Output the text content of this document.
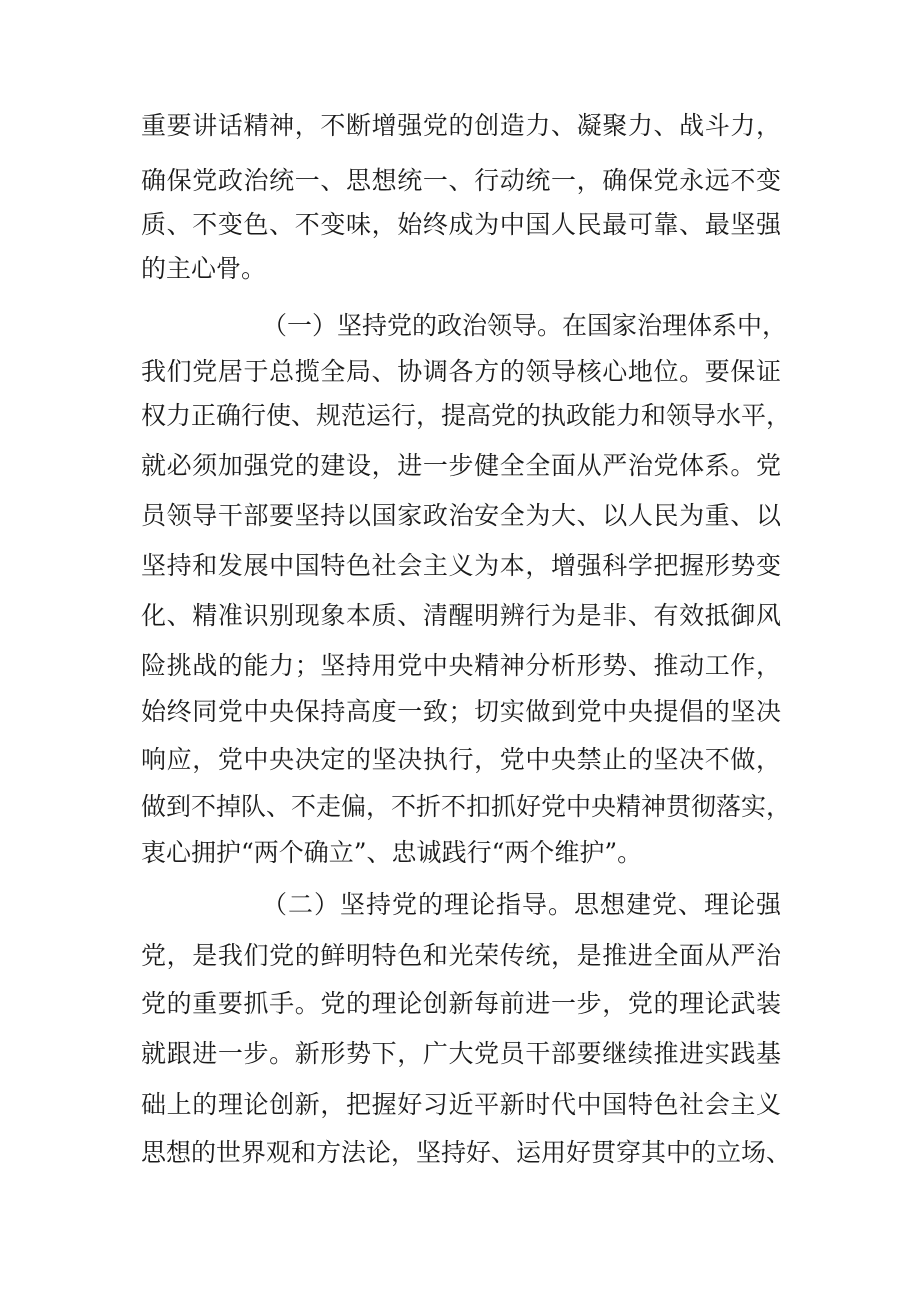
重要讲话精神，不断增强党的创造力、凝聚力、战斗力，
确保党政治统一、思想统一、行动统一，确保党永远不变
质、不变色、不变味，始终成为中国人民最可靠、最坚强
的主心骨。
（一）坚持党的政治领导。在国家治理体系中，
我们党居于总揽全局、协调各方的领导核心地位。要保证
权力正确行使、规范运行，提高党的执政能力和领导水平，
就必须加强党的建设，进一步健全全面从严治党体系。党
员领导干部要坚持以国家政治安全为大、以人民为重、以
坚持和发展中国特色社会主义为本，增强科学把握形势变
化、精准识别现象本质、清醒明辨行为是非、有效抵御风
险挑战的能力；坚持用党中央精神分析形势、推动工作，
始终同党中央保持高度一致；切实做到党中央提倡的坚决
响应，党中央决定的坚决执行，党中央禁止的坚决不做，
做到不掉队、不走偏，不折不扣抓好党中央精神贯彻落实，
衷心拥护“两个确立”、忠诚践行“两个维护”。
（二）坚持党的理论指导。思想建党、理论强
党，是我们党的鲜明特色和光荣传统，是推进全面从严治
党的重要抓手。党的理论创新每前进一步，党的理论武装
就跟进一步。新形势下，广大党员干部要继续推进实践基
础上的理论创新，把握好习近平新时代中国特色社会主义
思想的世界观和方法论，坚持好、运用好贯穿其中的立场、
